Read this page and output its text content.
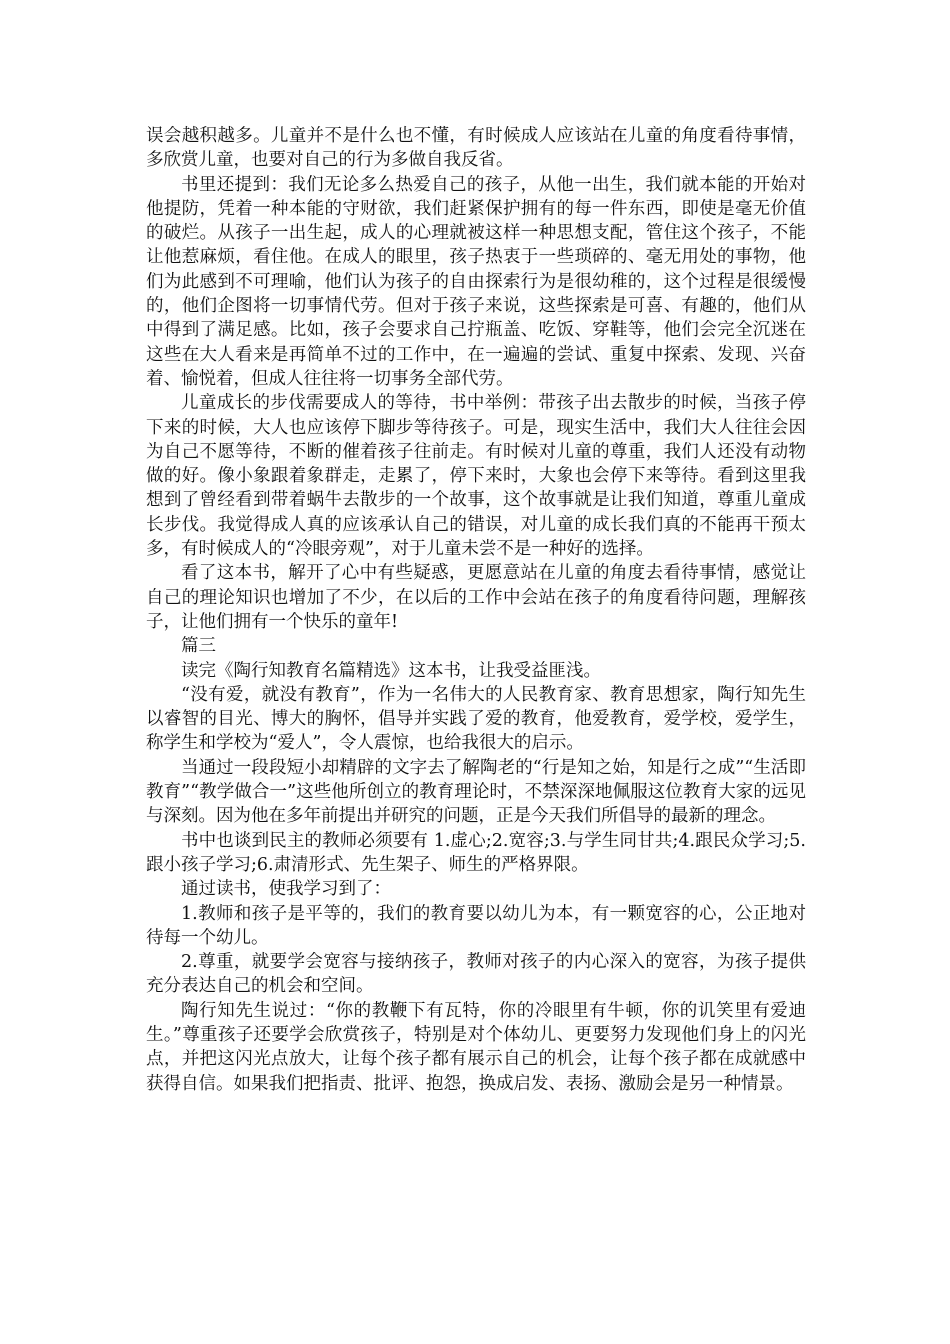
误会越积越多。儿童并不是什么也不懂，有时候成人应该站在儿童的角度看待事情，多欣赏儿童，也要对自己的行为多做自我反省。

书里还提到：我们无论多么热爱自己的孩子，从他一出生，我们就本能的开始对他提防，凭着一种本能的守财欲，我们赶紧保护拥有的每一件东西，即使是毫无价值的破烂。从孩子一出生起，成人的心理就被这样一种思想支配，管住这个孩子，不能让他惹麻烦，看住他。在成人的眼里，孩子热衷于一些琐碎的、毫无用处的事物，他们为此感到不可理喻，他们认为孩子的自由探索行为是很幼稚的，这个过程是很缓慢的，他们企图将一切事情代劳。但对于孩子来说，这些探索是可喜、有趣的，他们从中得到了满足感。比如，孩子会要求自己拧瓶盖、吃饭、穿鞋等，他们会完全沉迷在这些在大人看来是再简单不过的工作中，在一遍遍的尝试、重复中探索、发现、兴奋着、愉悦着，但成人往往将一切事务全部代劳。

儿童成长的步伐需要成人的等待，书中举例：带孩子出去散步的时候，当孩子停下来的时候，大人也应该停下脚步等待孩子。可是，现实生活中，我们大人往往会因为自己不愿等待，不断的催着孩子往前走。有时候对儿童的尊重，我们人还没有动物做的好。像小象跟着象群走，走累了，停下来时，大象也会停下来等待。看到这里我想到了曾经看到带着蜗牛去散步的一个故事，这个故事就是让我们知道，尊重儿童成长步伐。我觉得成人真的应该承认自己的错误，对儿童的成长我们真的不能再干预太多，有时候成人的“冷眼旁观”，对于儿童未尝不是一种好的选择。

看了这本书，解开了心中有些疑惑，更愿意站在儿童的角度去看待事情，感觉让自己的理论知识也增加了不少，在以后的工作中会站在孩子的角度看待问题，理解孩子，让他们拥有一个快乐的童年!

篇三

读完《陶行知教育名篇精选》这本书，让我受益匪浅。

“没有爱，就没有教育”，作为一名伟大的人民教育家、教育思想家，陶行知先生以睿智的目光、博大的胸怀，倡导并实践了爱的教育，他爱教育，爱学校，爱学生，称学生和学校为“爱人”，令人震惊，也给我很大的启示。

当通过一段段短小却精辟的文字去了解陶老的“行是知之始，知是行之成”“生活即教育”“教学做合一”这些他所创立的教育理论时，不禁深深地佩服这位教育大家的远见与深刻。因为他在多年前提出并研究的问题，正是今天我们所倡导的最新的理念。

书中也谈到民主的教师必须要有 1.虚心;2.宽容;3.与学生同甘共;4.跟民众学习;5.跟小孩子学习;6.肃清形式、先生架子、师生的严格界限。

通过读书，使我学习到了：

1.教师和孩子是平等的，我们的教育要以幼儿为本，有一颗宽容的心，公正地对待每一个幼儿。

2.尊重，就要学会宽容与接纳孩子，教师对孩子的内心深入的宽容，为孩子提供充分表达自己的机会和空间。

陶行知先生说过：“你的教鞭下有瓦特，你的冷眼里有牛顿，你的讥笑里有爱迪生。”尊重孩子还要学会欣赏孩子，特别是对个体幼儿、更要努力发现他们身上的闪光点，并把这闪光点放大，让每个孩子都有展示自己的机会，让每个孩子都在成就感中获得自信。如果我们把指责、批评、抱怨，换成启发、表扬、激励会是另一种情景。
